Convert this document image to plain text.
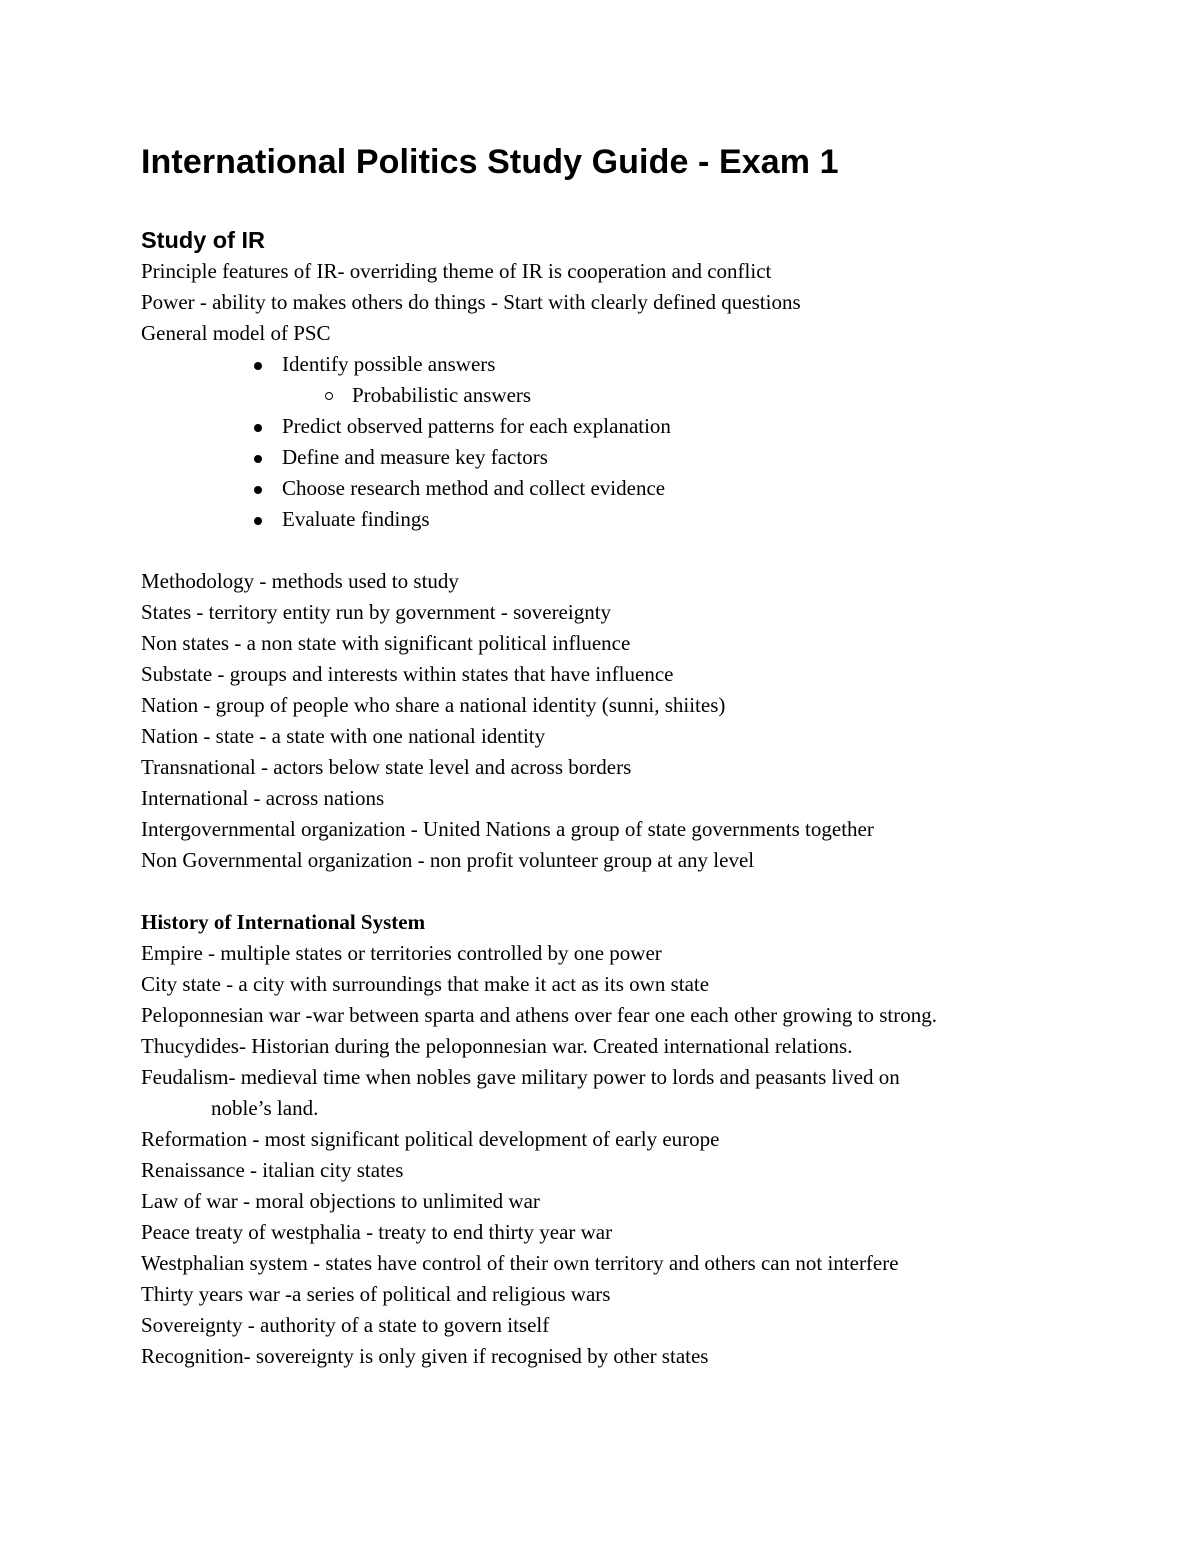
International Politics Study Guide - Exam 1
Study of IR
Principle features of IR- overriding theme of IR is cooperation and conflict
Power - ability to makes others do things - Start with clearly defined questions
General model of PSC
Identify possible answers
Probabilistic answers
Predict observed patterns for each explanation
Define and measure key factors
Choose research method and collect evidence
Evaluate findings
Methodology - methods used to study
States - territory entity run by government - sovereignty
Non states - a non state with significant political influence
Substate - groups and interests within states that have influence
Nation - group of people who share a national identity (sunni, shiites)
Nation - state - a state with one national identity
Transnational - actors below state level and across borders
International - across nations
Intergovernmental organization - United Nations a group of state governments together
Non Governmental organization - non profit volunteer group at any level
History of International System
Empire - multiple states or territories controlled by one power
City state - a city with surroundings that make it act as its own state
Peloponnesian war -war between sparta and athens over fear one each other growing to strong.
Thucydides- Historian during the peloponnesian war. Created international relations.
Feudalism- medieval time when nobles gave military power to lords and peasants lived on
noble’s land.
Reformation - most significant political development of early europe
Renaissance - italian city states
Law of war - moral objections to unlimited war
Peace treaty of westphalia - treaty to end thirty year war
Westphalian system - states have control of their own territory and others can not interfere
Thirty years war -a series of political and religious wars
Sovereignty - authority of a state to govern itself
Recognition- sovereignty is only given if recognised by other states
